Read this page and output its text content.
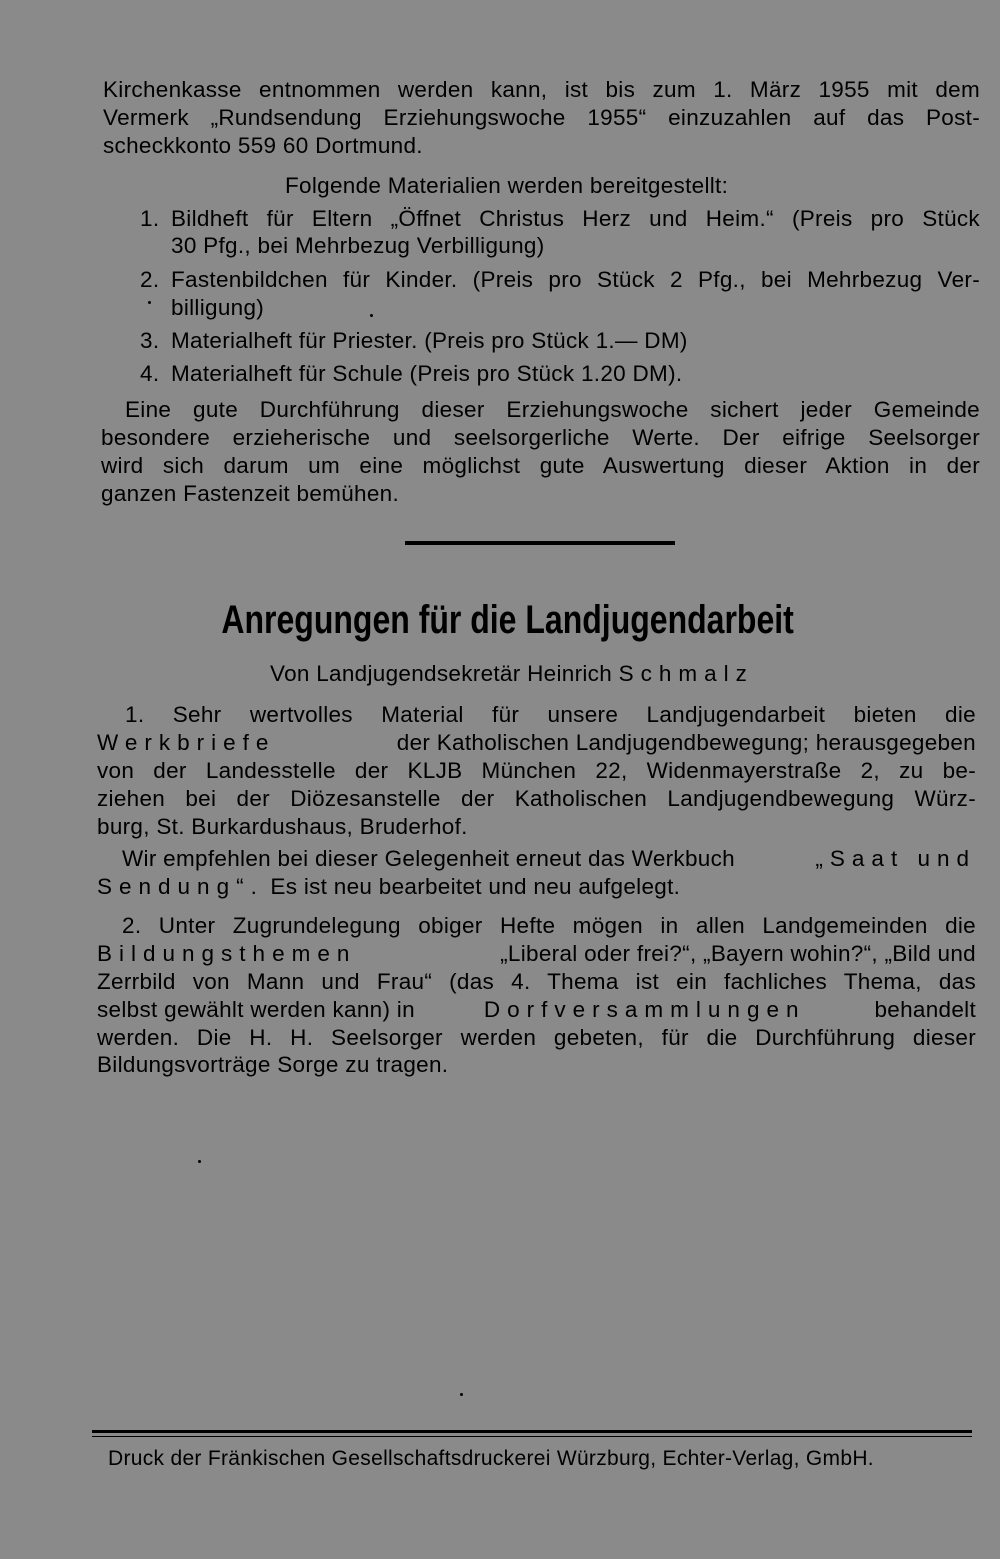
Kirchenkasse entnommen werden kann, ist bis zum 1. März 1955 mit dem
Vermerk „Rundsendung Erziehungswoche 1955“ einzuzahlen auf das Post-
scheckkonto 559 60 Dortmund.
Folgende Materialien werden bereitgestellt:
1. Bildheft für Eltern „Öffnet Christus Herz und Heim.“ (Preis pro Stück
30 Pfg., bei Mehrbezug Verbilligung)
2. Fastenbildchen für Kinder. (Preis pro Stück 2 Pfg., bei Mehrbezug Ver-
billigung)
3. Materialheft für Priester. (Preis pro Stück 1.— DM)
4. Materialheft für Schule (Preis pro Stück 1.20 DM).
Eine gute Durchführung dieser Erziehungswoche sichert jeder Gemeinde
besondere erzieherische und seelsorgerliche Werte. Der eifrige Seelsorger
wird sich darum um eine möglichst gute Auswertung dieser Aktion in der
ganzen Fastenzeit bemühen.
Anregungen für die Landjugendarbeit
Von Landjugendsekretär Heinrich Schmalz
1. Sehr wertvolles Material für unsere Landjugendarbeit bieten die
Werkbriefe	der Katholischen Landjugendbewegung; herausgegeben
von der Landesstelle der KLJB München 22, Widenmayerstraße 2, zu be-
ziehen bei der Diözesanstelle der Katholischen Landjugendbewegung Würz-
burg, St. Burkardushaus, Bruderhof.
Wir empfehlen bei dieser Gelegenheit erneut das Werkbuch	„Saat und
Sendung“. Es ist neu bearbeitet und neu aufgelegt.
2. Unter Zugrundelegung obiger Hefte mögen in allen Landgemeinden die
Bildungsthemen	„Liberal oder frei?“, „Bayern wohin?“, „Bild und
Zerrbild von Mann und Frau“ (das 4. Thema ist ein fachliches Thema, das
selbst gewählt werden kann) in	Dorfversammlungen	behandelt
werden. Die H. H. Seelsorger werden gebeten, für die Durchführung dieser
Bildungsvorträge Sorge zu tragen.
Druck der Fränkischen Gesellschaftsdruckerei Würzburg, Echter-Verlag, GmbH.
